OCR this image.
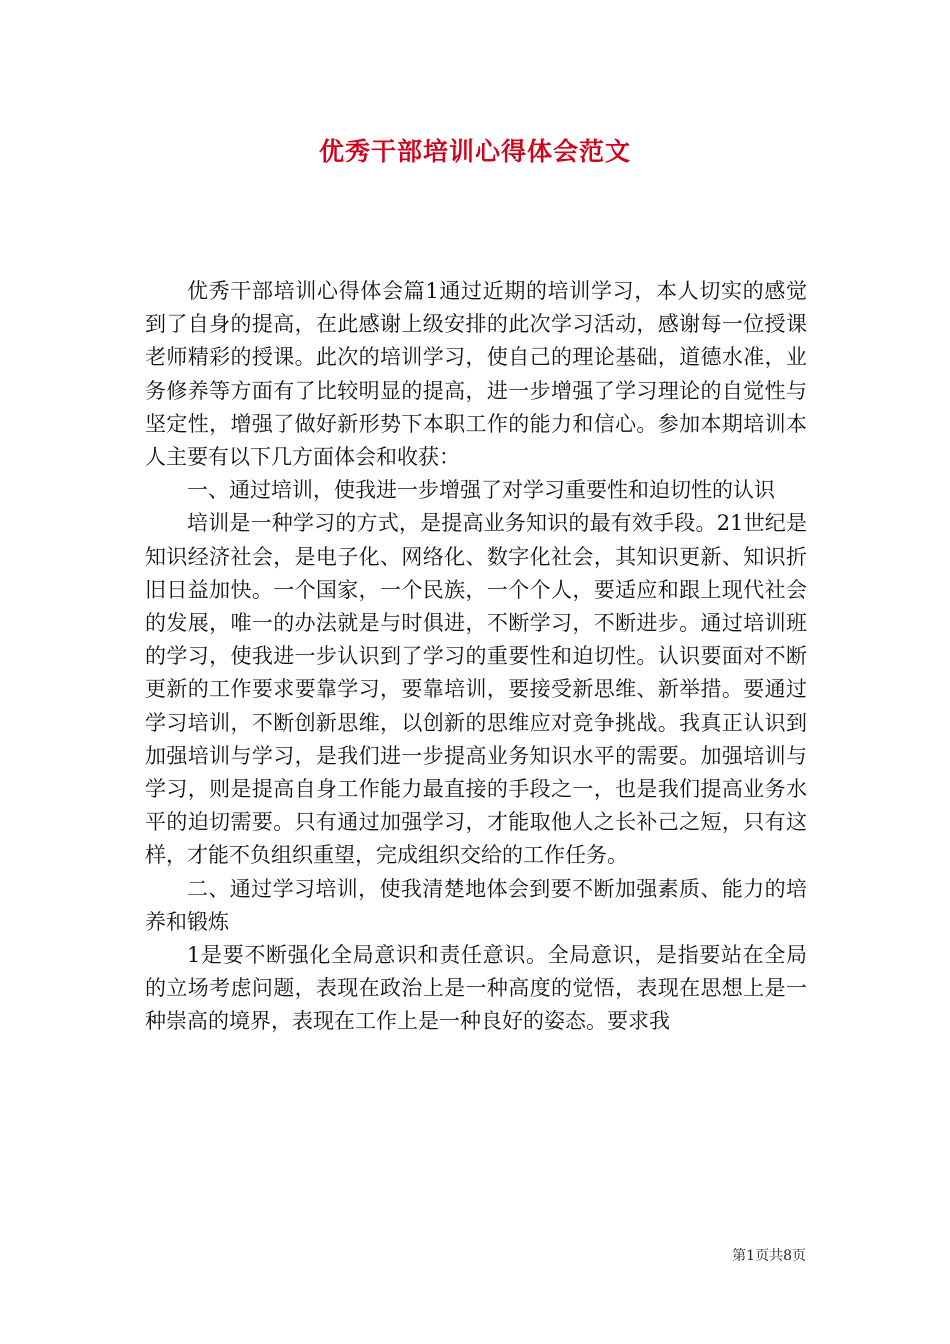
优秀干部培训心得体会范文

优秀干部培训心得体会篇1通过近期的培训学习，本人切实的感觉到了自身的提高，在此感谢上级安排的此次学习活动，感谢每一位授课老师精彩的授课。此次的培训学习，使自己的理论基础，道德水准，业务修养等方面有了比较明显的提高，进一步增强了学习理论的自觉性与坚定性，增强了做好新形势下本职工作的能力和信心。参加本期培训本人主要有以下几方面体会和收获：

一、通过培训，使我进一步增强了对学习重要性和迫切性的认识

培训是一种学习的方式，是提高业务知识的最有效手段。21世纪是知识经济社会，是电子化、网络化、数字化社会，其知识更新、知识折旧日益加快。一个国家，一个民族，一个个人，要适应和跟上现代社会的发展，唯一的办法就是与时俱进，不断学习，不断进步。通过培训班的学习，使我进一步认识到了学习的重要性和迫切性。认识要面对不断更新的工作要求要靠学习，要靠培训，要接受新思维、新举措。要通过学习培训，不断创新思维，以创新的思维应对竞争挑战。我真正认识到加强培训与学习，是我们进一步提高业务知识水平的需要。加强培训与学习，则是提高自身工作能力最直接的手段之一，也是我们提高业务水平的迫切需要。只有通过加强学习，才能取他人之长补己之短，只有这样，才能不负组织重望，完成组织交给的工作任务。

二、通过学习培训，使我清楚地体会到要不断加强素质、能力的培养和锻炼

1是要不断强化全局意识和责任意识。全局意识，是指要站在全局的立场考虑问题，表现在政治上是一种高度的觉悟，表现在思想上是一种崇高的境界，表现在工作上是一种良好的姿态。要求我

第1页共8页
